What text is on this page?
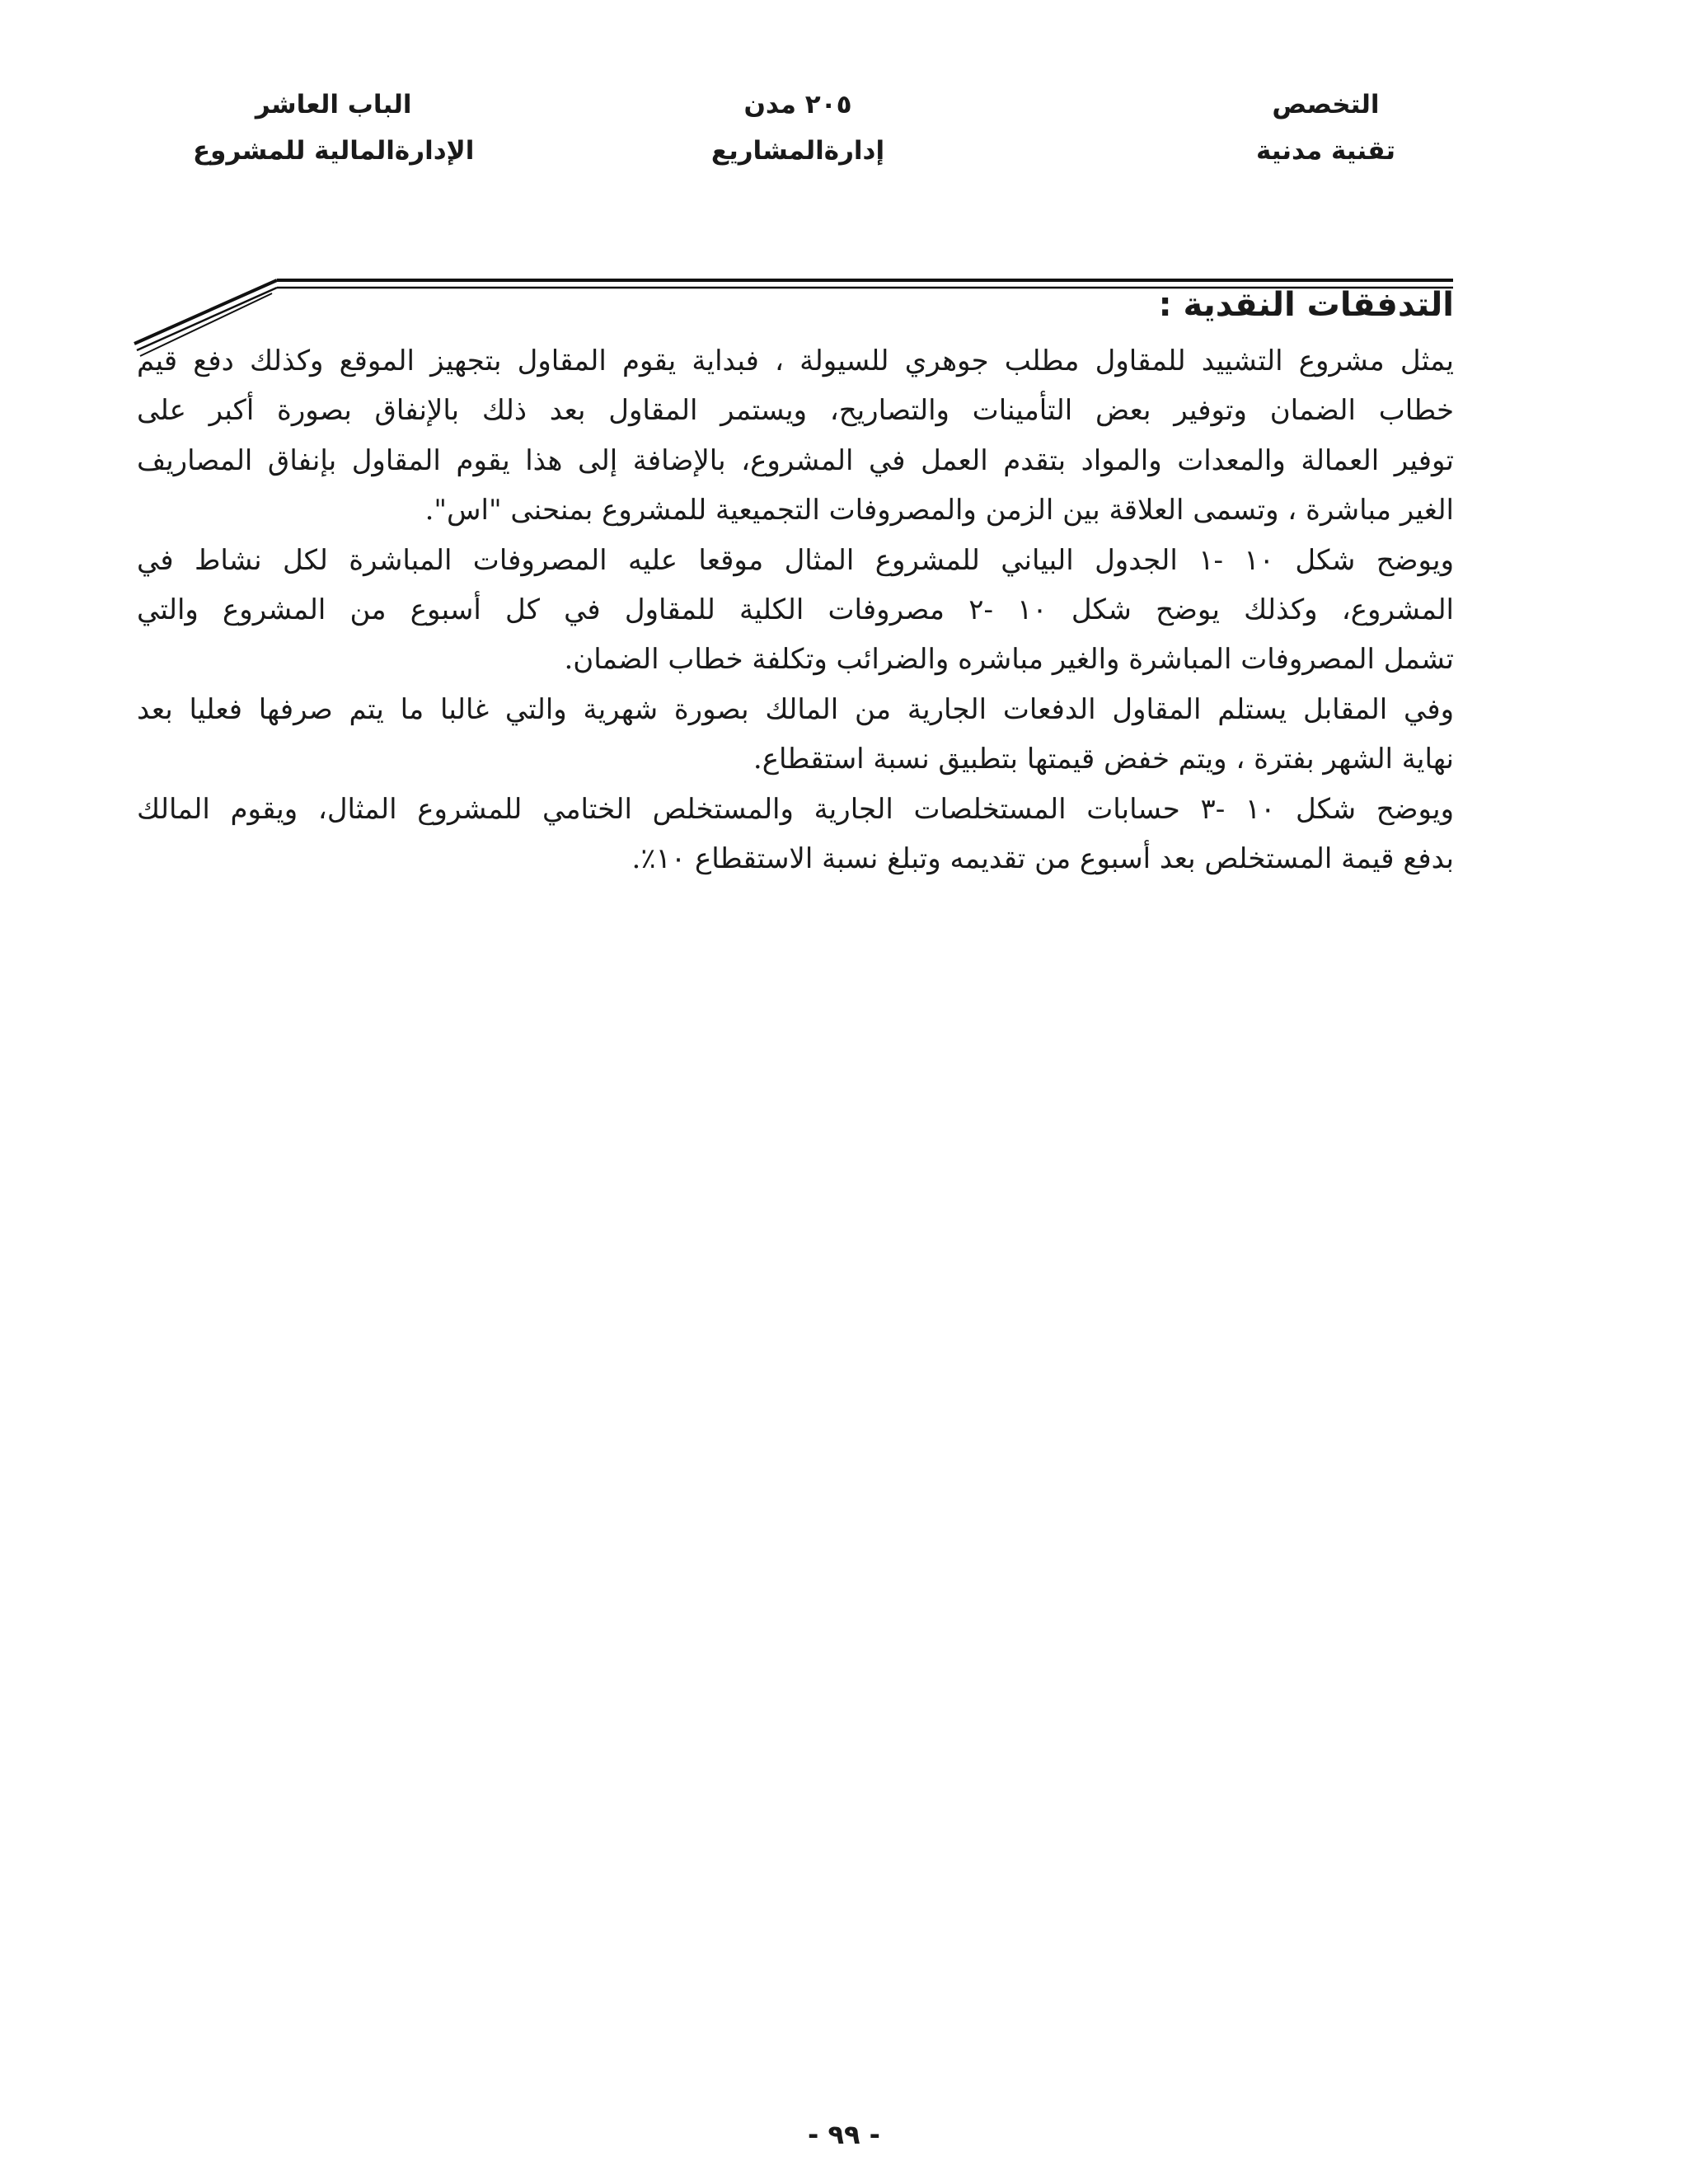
التخصص
تقنية مدنية
٢٠٥ مدن
إدارةالمشاريع
الباب العاشر
الإدارةالمالية للمشروع
التدفقات النقدية :
يمثل مشروع التشييد للمقاول مطلب جوهري للسيولة ، فبداية يقوم المقاول بتجهيز الموقع وكذلك دفع قيم
خطاب الضمان وتوفير بعض التأمينات والتصاريح، ويستمر المقاول بعد ذلك بالإنفاق بصورة أكبر على
توفير العمالة والمعدات والمواد بتقدم العمل في المشروع، بالإضافة إلى هذا يقوم المقاول بإنفاق المصاريف
الغير مباشرة ، وتسمى العلاقة بين الزمن والمصروفات التجميعية للمشروع بمنحنى "اس".
ويوضح شكل ١٠ -١ الجدول البياني للمشروع المثال موقعا عليه المصروفات المباشرة لكل نشاط في
المشروع، وكذلك يوضح شكل ١٠ -٢ مصروفات الكلية للمقاول في كل أسبوع من المشروع والتي
تشمل المصروفات المباشرة والغير مباشره والضرائب وتكلفة خطاب الضمان.
وفي المقابل يستلم المقاول الدفعات الجارية من المالك بصورة شهرية والتي غالبا ما يتم صرفها فعليا بعد
نهاية الشهر بفترة ، ويتم خفض قيمتها بتطبيق نسبة استقطاع.
ويوضح شكل ١٠ -٣ حسابات المستخلصات الجارية والمستخلص الختامي للمشروع المثال، ويقوم المالك
بدفع قيمة المستخلص بعد أسبوع من تقديمه وتبلغ نسبة الاستقطاع ١٠٪.
- ٩٩ -
